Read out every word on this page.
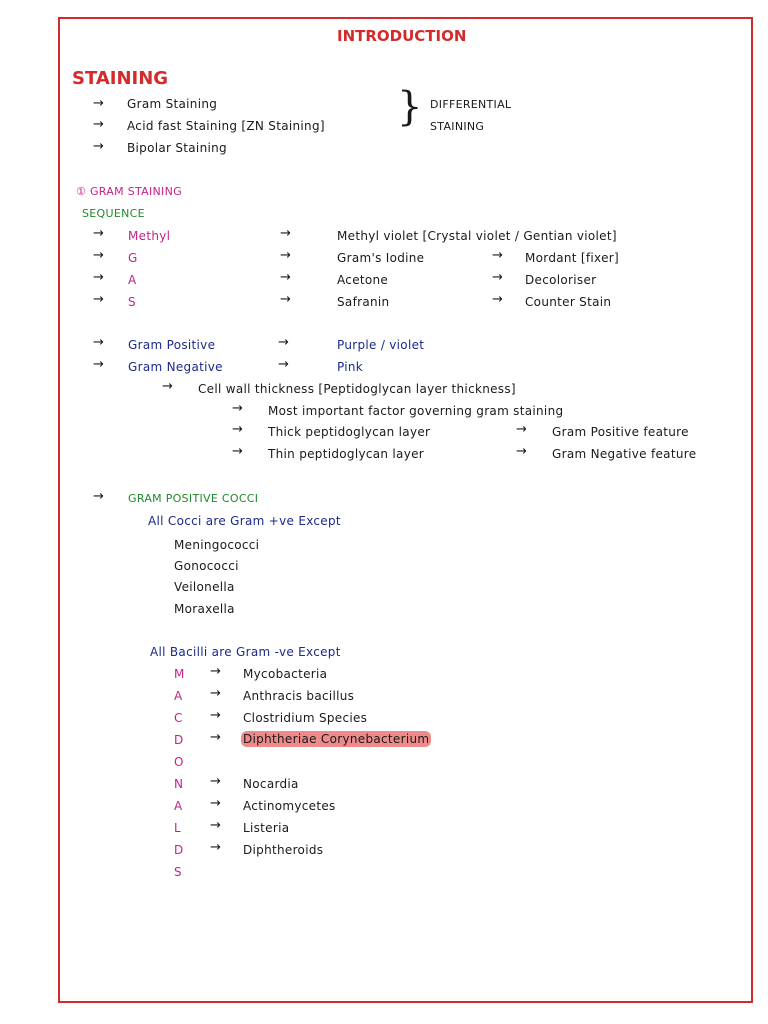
INTRODUCTION
STAINING
→ Gram Staining
→ Acid fast Staining [ZN Staining]
→ Bipolar Staining
} DIFFERENTIAL
STAINING
① GRAM STAINING
SEQUENCE
→ Methyl	→	Methyl violet [Crystal violet / Gentian violet]
→ G	→	Gram's Iodine	→ Mordant [fixer]
→ A	→	Acetone	→ Decoloriser
→ S	→	Safranin	→ Counter Stain
→ Gram Positive	→	Purple / violet
→ Gram Negative	→	Pink
→ Cell wall thickness [Peptidoglycan layer thickness]
→ Most important factor governing gram staining
→ Thick peptidoglycan layer	→ Gram Positive feature
→ Thin peptidoglycan layer	→ Gram Negative feature
→ GRAM POSITIVE COCCI
All Cocci are Gram +ve Except
Meningococci
Gonococci
Veilonella
Moraxella
All Bacilli are Gram -ve Except
M → Mycobacteria
A → Anthracis bacillus
C → Clostridium Species
D → Diphtheriae Corynebacterium
O
N → Nocardia
A → Actinomycetes
L → Listeria
D → Diphtheroids
S
